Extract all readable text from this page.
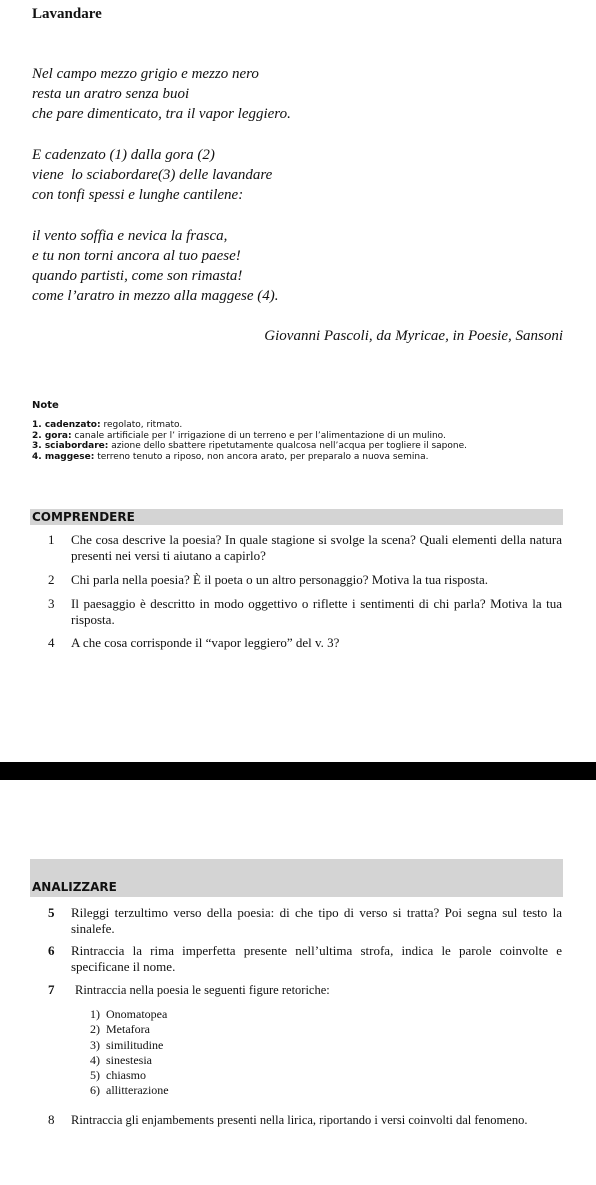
Lavandare

Nel campo mezzo grigio e mezzo nero
resta un aratro senza buoi
che pare dimenticato, tra il vapor leggiero.

E cadenzato (1) dalla gora (2)
viene  lo sciabordare(3) delle lavandare
con tonfi spessi e lunghe cantilene:

il vento soffia e nevica la frasca,
e tu non torni ancora al tuo paese!
quando partisti, come son rimasta!
come l’aratro in mezzo alla maggese (4).

Giovanni Pascoli, da Myricae, in Poesie, Sansoni
Note
1. cadenzato: regolato, ritmato.
2. gora: canale artificiale per l’ irrigazione di un terreno e per l’alimentazione di un mulino.
3. sciabordare: azione dello sbattere ripetutamente qualcosa nell’acqua per togliere il sapone.
4. maggese: terreno tenuto a riposo, non ancora arato, per preparalo a nuova semina.
COMPRENDERE
1	Che cosa descrive la poesia? In quale stagione si svolge la scena? Quali elementi della natura presenti nei versi ti aiutano a capirlo?
2	Chi parla nella poesia? È il poeta o un altro personaggio? Motiva la tua risposta.
3	Il paesaggio è descritto in modo oggettivo o riflette i sentimenti di chi parla? Motiva la tua risposta.
4	A che cosa corrisponde il “vapor leggiero” del v. 3?
ANALIZZARE
5	Rileggi terzultimo verso della poesia: di che tipo di verso si tratta? Poi segna sul testo la sinalefe.
6	Rintraccia la rima imperfetta presente nell’ultima strofa, indica le parole coinvolte e specificane il nome.
7	Rintraccia nella poesia le seguenti figure retoriche:
1)  Onomatopea
2)  Metafora
3)  similitudine
4)  sinestesia
5)  chiasmo
6)  allitterazione
8	Rintraccia gli enjambements presenti nella lirica, riportando i versi coinvolti dal fenomeno.
